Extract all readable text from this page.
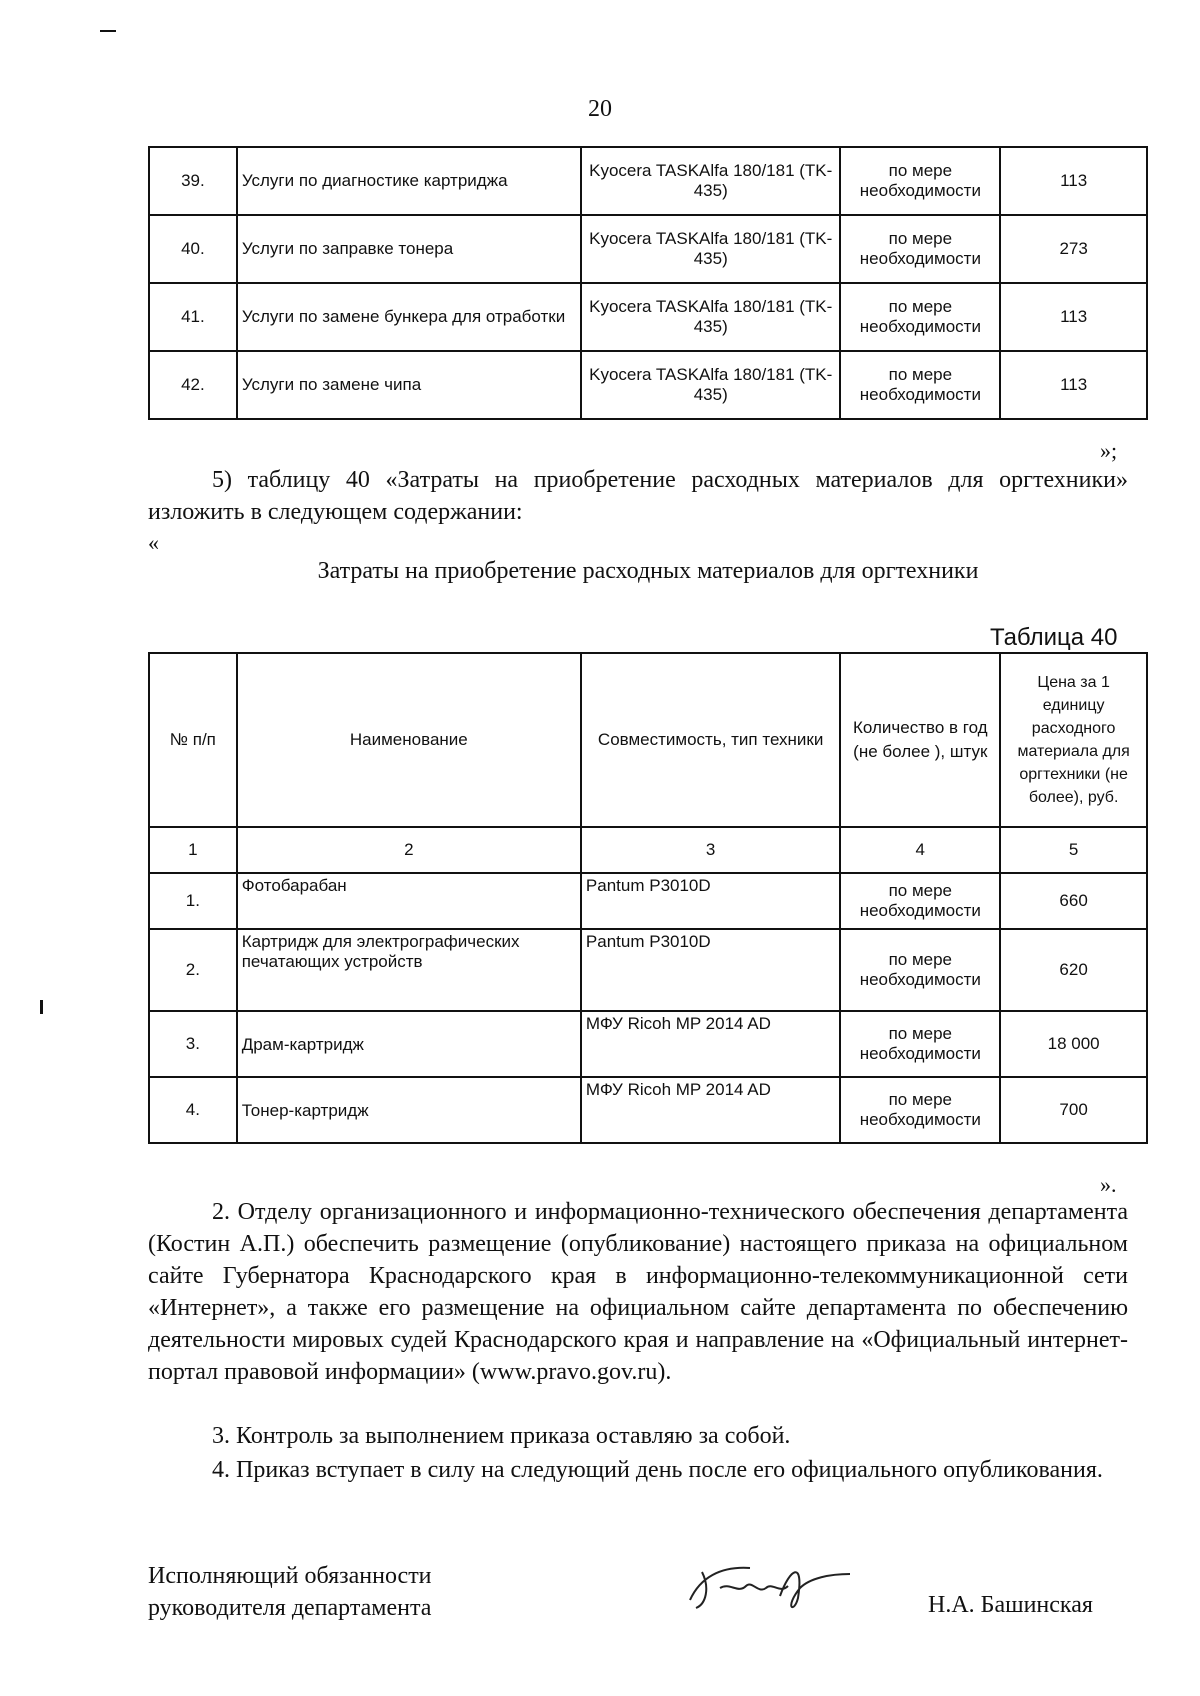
20
39.	Услуги по диагностике картриджа	Kyocera TASKAlfa 180/181 (TK-435)	по мере необходимости	113
40.	Услуги по заправке тонера	Kyocera TASKAlfa 180/181 (TK-435)	по мере необходимости	273
41.	Услуги по замене бункера для отработки	Kyocera TASKAlfa 180/181 (TK-435)	по мере необходимости	113
42.	Услуги по замене чипа	Kyocera TASKAlfa 180/181 (TK-435)	по мере необходимости	113
»;
5) таблицу 40 «Затраты на приобретение расходных материалов для оргтехники» изложить в следующем содержании:
«
Затраты на приобретение расходных материалов для оргтехники
Таблица 40
№ п/п	Наименование	Совместимость, тип техники	Количество в год (не более ), штук	Цена за 1 единицу расходного материала для оргтехники (не более), руб.
1	2	3	4	5
1.	Фотобарабан	Pantum P3010D	по мере необходимости	660
2.	Картридж для электрографических печатающих устройств	Pantum P3010D	по мере необходимости	620
3.	Драм-картридж	МФУ Ricoh MP 2014 AD	по мере необходимости	18 000
4.	Тонер-картридж	МФУ Ricoh MP 2014 AD	по мере необходимости	700
».
2. Отделу организационного и информационно-технического обеспечения департамента (Костин А.П.) обеспечить размещение (опубликование) настоящего приказа на официальном сайте Губернатора Краснодарского края в информационно-телекоммуникационной сети «Интернет», а также его размещение на официальном сайте департамента по обеспечению деятельности мировых судей Краснодарского края и направление на «Официальный интернет-портал правовой информации» (www.pravo.gov.ru).
3. Контроль за выполнением приказа оставляю за собой.
4. Приказ вступает в силу на следующий день после его официального опубликования.
Исполняющий обязанности
руководителя департамента	Н.А. Башинская
